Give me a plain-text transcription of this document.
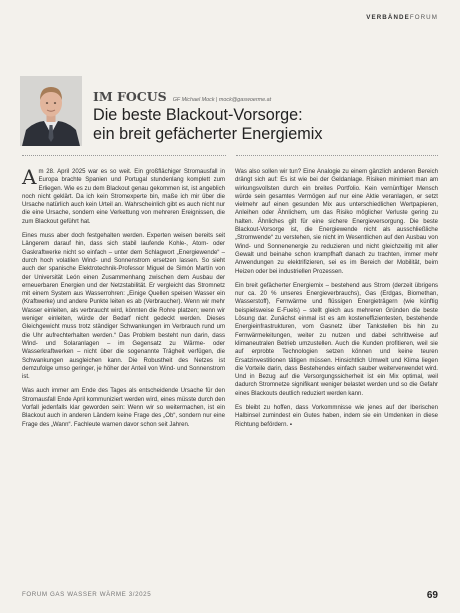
VERBÄNDEFORUM
IM FOCUS GF Michael Mock | mock@gaswoerme.at
Die beste Blackout-Vorsorge:
ein breit gefächerter Energiemix

Am 28. April 2025 war es so weit. Ein großflächiger Stromausfall in Europa brachte Spanien und Portugal stundenlang komplett zum Erliegen. Wie es zu dem Blackout genau gekommen ist, ist angeblich noch nicht geklärt. Da ich kein Stromexperte bin, maße ich mir über die Ursache natürlich auch kein Urteil an. Wahrscheinlich gibt es auch nicht nur die eine Ursache, sondern eine Verkettung von mehreren Ereignissen, die zum Blackout geführt hat.

Eines muss aber doch festgehalten werden. Experten weisen bereits seit Längerem darauf hin, dass sich stabil laufende Kohle-, Atom- oder Gaskraftwerke nicht so einfach – unter dem Schlagwort „Energiewende“ – durch hoch volatilen Wind- und Sonnenstrom ersetzen lassen. So sieht auch der spanische Elektrotechnik-Professor Miguel de Simón Martín von der Universität León einen Zusammenhang zwischen dem Ausbau der erneuerbaren Energien und der Netzstabilität. Er vergleicht das Stromnetz mit einem System aus Wasserrohren: „Einige Quellen speisen Wasser ein (Kraftwerke) und andere Punkte leiten es ab (Verbraucher). Wenn wir mehr Wasser einleiten, als verbraucht wird, könnten die Rohre platzen; wenn wir weniger einleiten, würde der Bedarf nicht gedeckt werden. Dieses Gleichgewicht muss trotz ständiger Schwankungen im Verbrauch rund um die Uhr aufrechterhalten werden.“ Das Problem besteht nun darin, dass Wind- und Solaranlagen – im Gegensatz zu Wärme- oder Wasserkraftwerken – nicht über die sogenannte Trägheit verfügen, die Schwankungen ausgleichen kann. Die Robustheit des Netzes ist demzufolge umso geringer, je höher der Anteil von Wind- und Sonnenstrom ist.

Was auch immer am Ende des Tages als entscheidende Ursache für den Stromausfall Ende April kommuniziert werden wird, eines müsste durch den Vorfall jedenfalls klar geworden sein: Wenn wir so weitermachen, ist ein Blackout auch in anderen Ländern keine Frage des „Ob“, sondern nur eine Frage des „Wann“. Fachleute warnen davor schon seit Jahren.

Was also sollen wir tun? Eine Analogie zu einem gänzlich anderen Bereich drängt sich auf: Es ist wie bei der Geldanlage. Risiken minimiert man am wirkungsvollsten durch ein breites Portfolio. Kein vernünftiger Mensch würde sein gesamtes Vermögen auf nur eine Aktie veranlagen, er setzt vielmehr auf einen gesunden Mix aus unterschiedlichen Wertpapieren, Anleihen oder Ähnlichem, um das Risiko möglicher Verluste gering zu halten. Ähnliches gilt für eine sichere Energieversorgung. Die beste Blackout-Vorsorge ist, die Energiewende nicht als ausschließliche „Stromwende“ zu verstehen, sie nicht im Wesentlichen auf den Ausbau von Wind- und Sonnenenergie zu reduzieren und nicht gleichzeitig mit aller Gewalt und beinahe schon krampfhaft danach zu trachten, immer mehr Anwendungen zu elektrifizieren, sei es im Bereich der Mobilität, beim Heizen oder bei industriellen Prozessen.

Ein breit gefächerter Energiemix – bestehend aus Strom (derzeit übrigens nur ca. 20 % unseres Energieverbrauchs), Gas (Erdgas, Biomethan, Wasserstoff), Fernwärme und flüssigen Energieträgern (wie künftig beispielsweise E-Fuels) – stellt gleich aus mehreren Gründen die beste Lösung dar. Zunächst einmal ist es am kosteneffizientesten, bestehende Energieinfrastrukturen, vom Gasnetz über Tankstellen bis hin zu Fernwärmeleitungen, weiter zu nutzen und dabei schrittweise auf klimaneutralen Betrieb umzustellen. Auch die Kunden profitieren, weil sie auf erprobte Technologien setzen können und keine teuren Ersatzinvestitionen tätigen müssen. Hinsichtlich Umwelt und Klima liegen die Vorteile darin, dass Bestehendes einfach sauber weiterverwendet wird. Und in Bezug auf die Versorgungssicherheit ist ein Mix optimal, weil dadurch Stromnetze signifikant weniger belastet werden und so die Gefahr eines Blackouts deutlich reduziert werden kann.

Es bleibt zu hoffen, dass Vorkommnisse wie jenes auf der Iberischen Halbinsel zumindest ein Gutes haben, indem sie ein Umdenken in diese Richtung befördern. ▪

FORUM GAS WASSER WÄRME 3/2025	69
